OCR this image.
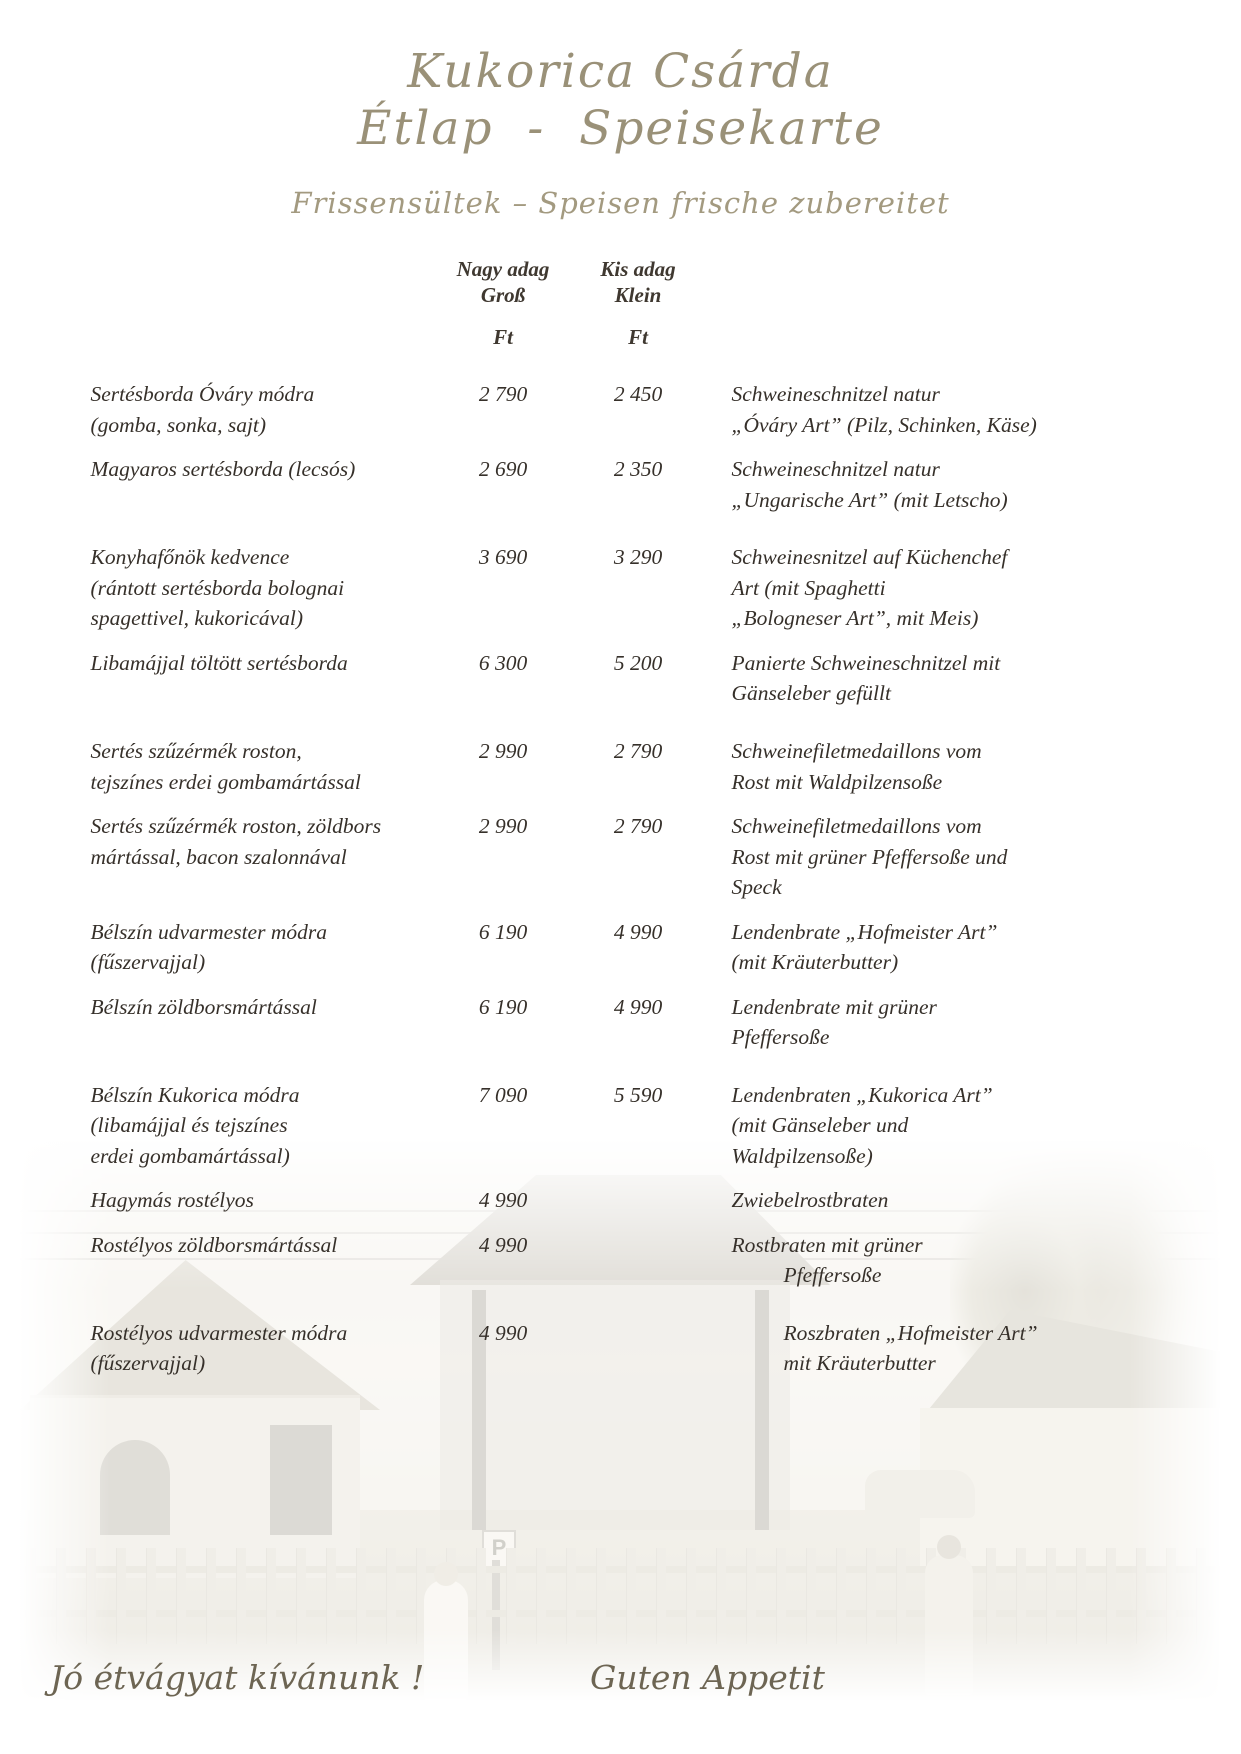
P
Kukorica Csárda
Étlap  -  Speisekarte
Frissensültek – Speisen frische zubereitet

Nagy adag
Groß

Kis adag
Klein

	Ft	Ft	

Sertésborda Óváry módra
(gomba, sonka, sajt)
	2 790	2 450	Schweineschnitzel natur
„Óváry Art” (Pilz, Schinken, Käse)

Magyaros sertésborda (lecsós)	2 690	2 350	Schweineschnitzel natur
„Ungarische Art” (mit Letscho)

Konyhafőnök kedvence
(rántott sertésborda bolognai
spagettivel, kukoricával)
	3 690	3 290	Schweinesnitzel auf Küchenchef
Art (mit Spaghetti
„Bologneser Art”, mit Meis)

Libamájjal töltött sertésborda	6 300	5 200	Panierte Schweineschnitzel mit
Gänseleber gefüllt

Sertés szűzérmék roston,
tejszínes erdei gombamártással
	2 990	2 790	Schweinefiletmedaillons vom
Rost mit Waldpilzensoße

Sertés szűzérmék roston, zöldbors
mártással, bacon szalonnával
	2 990	2 790	Schweinefiletmedaillons vom
Rost mit grüner Pfeffersoße und
Speck

Bélszín udvarmester módra
(fűszervajjal)
	6 190	4 990	Lendenbrate „Hofmeister Art”
(mit Kräuterbutter)

Bélszín zöldborsmártással	6 190	4 990	Lendenbrate mit grüner
Pfeffersoße

Bélszín Kukorica módra
(libamájjal és tejszínes
erdei gombamártással)
	7 090	5 590	Lendenbraten „Kukorica Art”
(mit Gänseleber und
Waldpilzensoße)

Hagymás rostélyos	4 990		Zwiebelrostbraten

Rostélyos zöldborsmártással	4 990		Rostbraten mit grüner
Pfeffersoße

Rostélyos udvarmester módra
(fűszervajjal)
	4 990		Roszbraten „Hofmeister Art”
mit Kräuterbutter
Jó étvágyat kívánunk !	Guten Appetit
